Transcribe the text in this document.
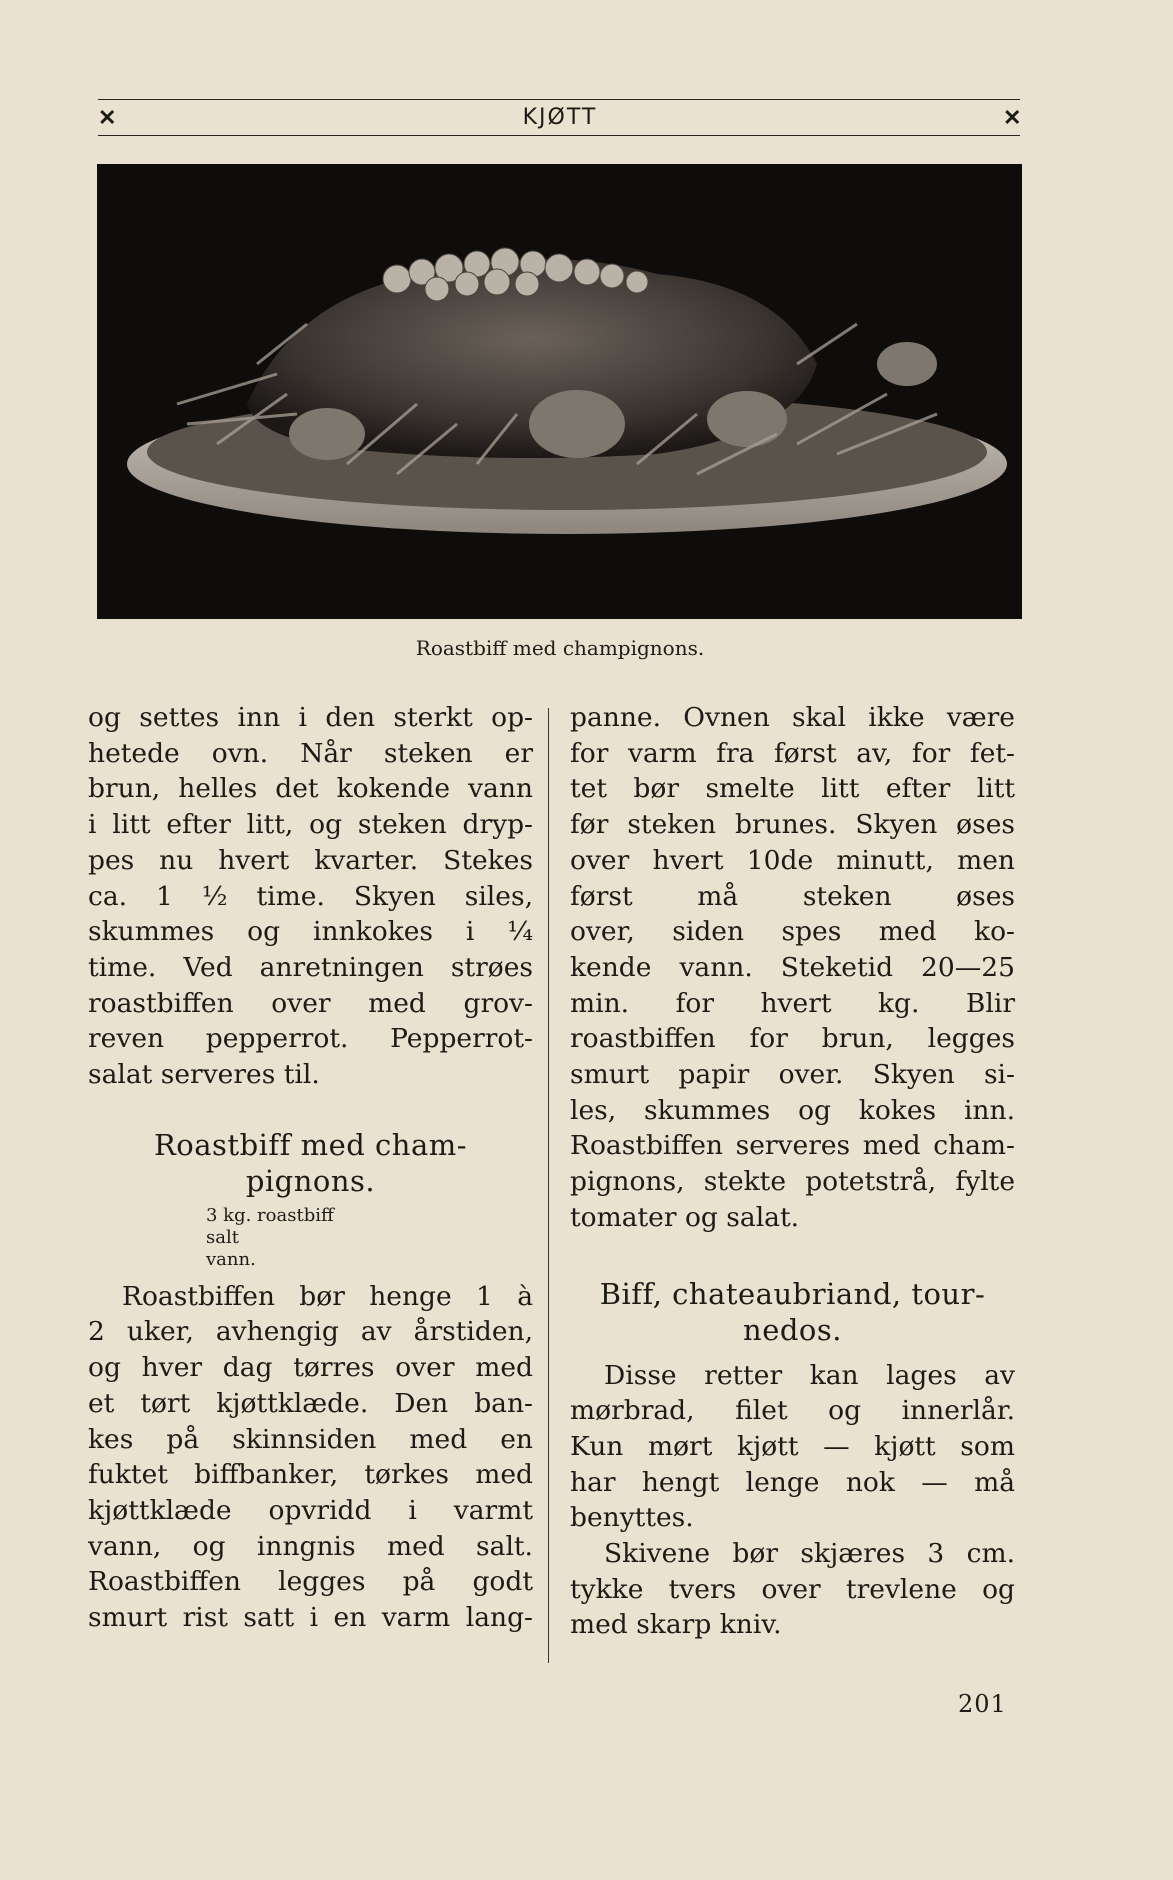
✕	KJØTT	✕
Roastbiff med champignons.
og settes inn i den sterkt op-
hetede ovn. Når steken er
brun, helles det kokende vann
i litt efter litt, og steken dryp-
pes nu hvert kvarter. Stekes
ca. 1 ½ time. Skyen siles,
skummes og innkokes i ¼
time. Ved anretningen strøes
roastbiffen over med grov-
reven pepperrot. Pepperrot-
salat serveres til.
Roastbiff med cham-
pignons.
3 kg. roastbiff
salt
vann.
Roastbiffen bør henge 1 à
2 uker, avhengig av årstiden,
og hver dag tørres over med
et tørt kjøttklæde. Den ban-
kes på skinnsiden med en
fuktet biffbanker, tørkes med
kjøttklæde opvridd i varmt
vann, og inngnis med salt.
Roastbiffen legges på godt
smurt rist satt i en varm lang-
panne. Ovnen skal ikke være
for varm fra først av, for fet-
tet bør smelte litt efter litt
før steken brunes. Skyen øses
over hvert 10de minutt, men
først må steken øses
over, siden spes med ko-
kende vann. Steketid 20—25
min. for hvert kg. Blir
roastbiffen for brun, legges
smurt papir over. Skyen si-
les, skummes og kokes inn.
Roastbiffen serveres med cham-
pignons, stekte potetstrå, fylte
tomater og salat.
Biff, chateaubriand, tour-
nedos.
Disse retter kan lages av
mørbrad, filet og innerlår.
Kun mørt kjøtt — kjøtt som
har hengt lenge nok — må
benyttes.
Skivene bør skjæres 3 cm.
tykke tvers over trevlene og
med skarp kniv.
201
